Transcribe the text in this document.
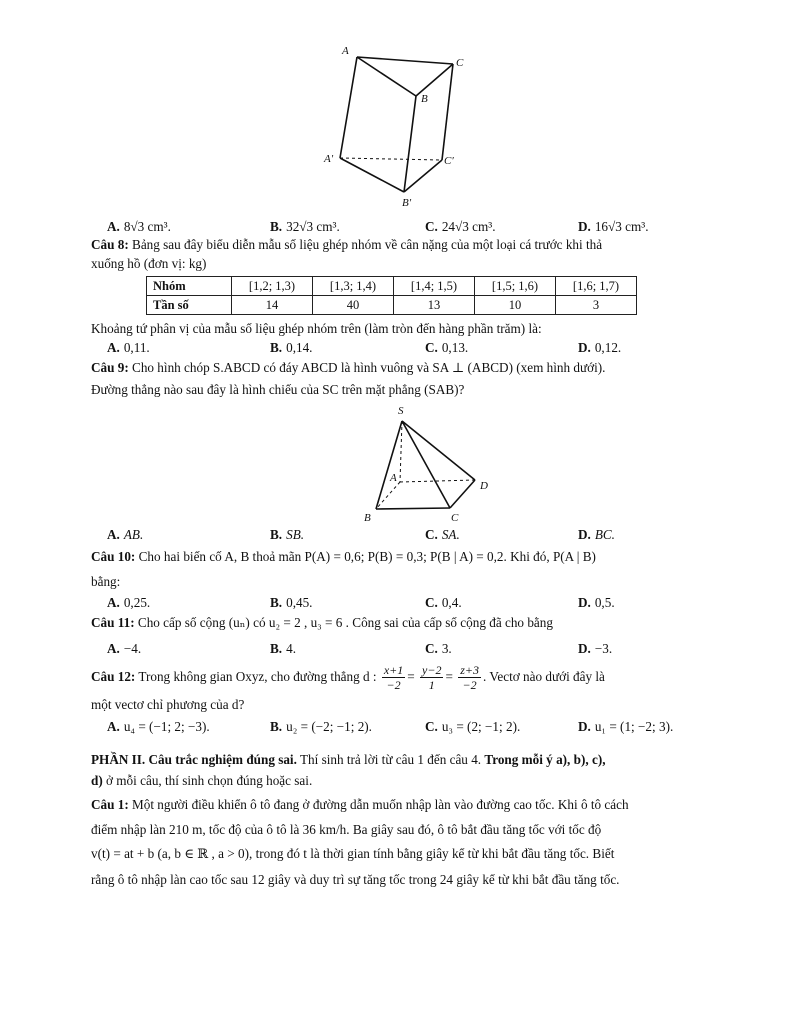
A
C
B
A′	C′
B′
A. 8√3 cm³.	B. 32√3 cm³.	C. 24√3 cm³.	D. 16√3 cm³.
Câu 8: Bảng sau đây biểu diễn mẫu số liệu ghép nhóm về cân nặng của một loại cá trước khi thả
xuống hồ (đơn vị: kg)
Nhóm	[1,2; 1,3)	[1,3; 1,4)	[1,4; 1,5)	[1,5; 1,6)	[1,6; 1,7)
Tần số	14	40	13	10	3
Khoảng tứ phân vị của mẫu số liệu ghép nhóm trên (làm tròn đến hàng phần trăm) là:
A. 0,11.	B. 0,14.	C. 0,13.	D. 0,12.
Câu 9: Cho hình chóp S.ABCD có đáy ABCD là hình vuông và SA ⊥ (ABCD) (xem hình dưới).
Đường thẳng nào sau đây là hình chiếu của SC trên mặt phẳng (SAB)?
S
A
D
B	C
A. AB.	B. SB.	C. SA.	D. BC.
Câu 10: Cho hai biến cố A, B thoả mãn P(A) = 0,6; P(B) = 0,3; P(B | A) = 0,2. Khi đó, P(A | B)
bằng:
A. 0,25.	B. 0,45.	C. 0,4.	D. 0,5.
Câu 11: Cho cấp số cộng (uₙ) có u₂ = 2 , u₃ = 6 . Công sai của cấp số cộng đã cho bằng
A. −4.	B. 4.	C. 3.	D. −3.
Câu 12: Trong không gian Oxyz, cho đường thẳng d : $\frac{x+1}{-2} = \frac{y-2}{1} = \frac{z+3}{-2}$ . Vectơ nào dưới đây là
một vectơ chỉ phương của d?
A. u₄ = (−1; 2; −3).	B. u₂ = (−2; −1; 2).	C. u₃ = (2; −1; 2).	D. u₁ = (1; −2; 3).
PHẦN II. Câu trắc nghiệm đúng sai. Thí sinh trả lời từ câu 1 đến câu 4. Trong mỗi ý a), b), c),
d) ở mỗi câu, thí sinh chọn đúng hoặc sai.
Câu 1: Một người điều khiển ô tô đang ở đường dẫn muốn nhập làn vào đường cao tốc. Khi ô tô cách
điểm nhập làn 210 m, tốc độ của ô tô là 36 km/h. Ba giây sau đó, ô tô bắt đầu tăng tốc với tốc độ
v(t) = at + b (a, b ∈ ℝ , a > 0), trong đó t là thời gian tính bằng giây kể từ khi bắt đầu tăng tốc. Biết
rằng ô tô nhập làn cao tốc sau 12 giây và duy trì sự tăng tốc trong 24 giây kể từ khi bắt đầu tăng tốc.
